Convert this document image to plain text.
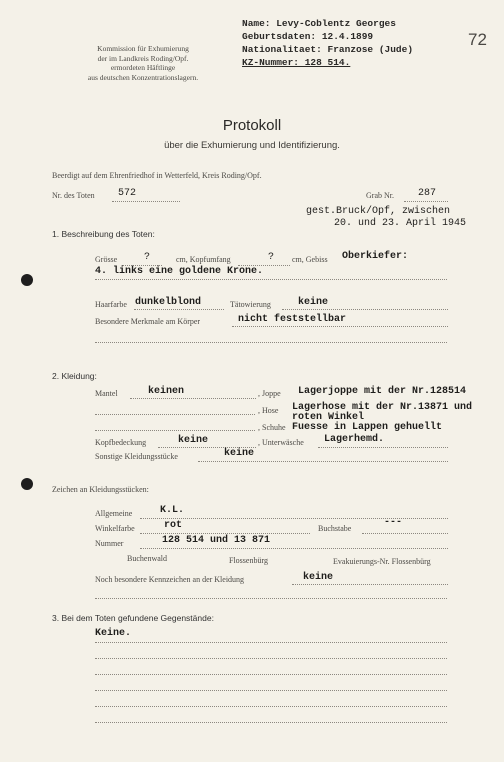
Kommission für Exhumierung
der im Landkreis Roding/Opf.
ermordeten Häftlinge
aus deutschen Konzentrationslagern.
Name: Levy-Coblentz Georges
Geburtsdaten: 12.4.1899
Nationalitaet: Franzose (Jude)
KZ-Nummer: 128 514.
72
Protokoll
über die Exhumierung und Identifizierung.
Beerdigt auf dem Ehrenfriedhof in Wetterfeld, Kreis Roding/Opf.
Nr. des Toten 572	Grab Nr. 287
gest.Bruck/Opf, zwischen
20. und 23. April 1945
1. Beschreibung des Toten:
Grösse	?	cm, Kopfumfang	? cm, Gebiss Oberkiefer:
4. links eine goldene Krone.
Haarfarbe dunkelblond	Tätowierung	keine
Besondere Merkmale am Körper	nicht feststellbar
2. Kleidung:
Mantel	keinen	, Joppe Lagerjoppe mit der Nr.128514
, Hose Lagerhose mit der Nr.13871 und
roten Winkel
, Schuhe Fuesse in Lappen gehuellt
Kopfbedeckung	keine	, Unterwäsche Lagerhemd.
Sonstige Kleidungsstücke	keine
Zeichen an Kleidungsstücken:
Allgemeine	K.L.
Winkelfarbe	rot	Buchstabe
---
Nummer	128 514 und 13 871
Buchenwald	Flossenbürg	Evakuierungs-Nr. Flossenbürg
Noch besondere Kennzeichen an der Kleidung	keine
3. Bei dem Toten gefundene Gegenstände:
Keine.
